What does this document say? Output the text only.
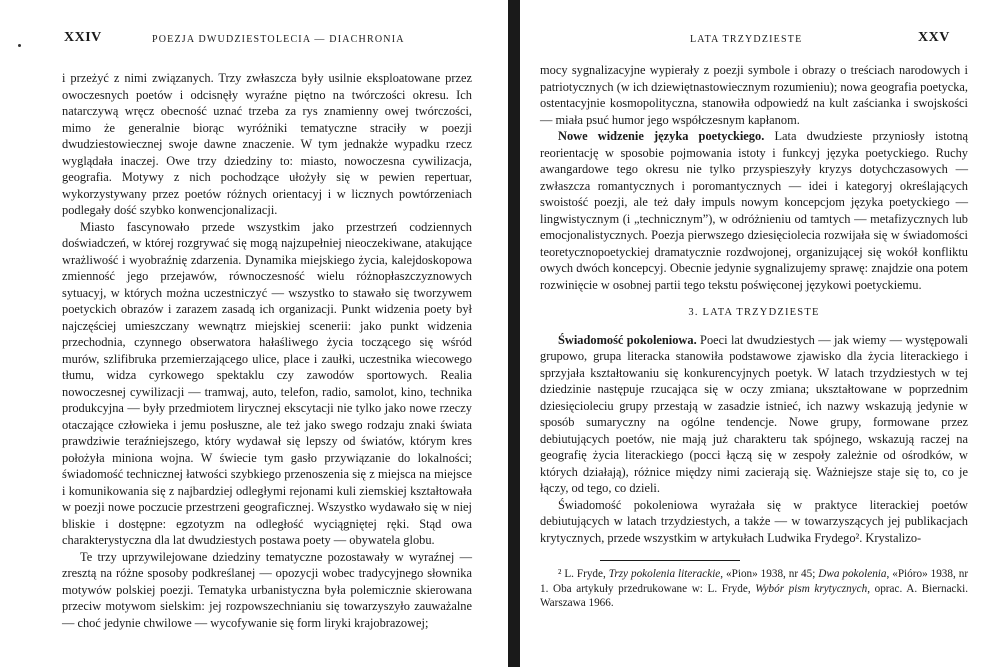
XXIV	POEZJA DWUDZIESTOLECIA — DIACHRONIA

i przeżyć z nimi związanych. Trzy zwłaszcza były usilnie eksploatowane przez owoczesnych poetów i odcisnęły wyraźne piętno na twórczości okresu. Ich natarczywą wręcz obecność uznać trzeba za rys znamienny owej twórczości, mimo że generalnie biorąc wyróżniki tematyczne straciły w poezji dwudziestowiecznej swoje dawne znaczenie. W tym jednakże wypadku rzecz wyglądała inaczej. Owe trzy dziedziny to: miasto, nowoczesna cywilizacja, geografia. Motywy z nich pochodzące ułożyły się w pewien repertuar, wykorzystywany przez poetów różnych orientacyj i w licznych powtórzeniach podlegały dość szybko konwencjonalizacji.

Miasto fascynowało przede wszystkim jako przestrzeń codziennych doświadczeń, w której rozgrywać się mogą najzupełniej nieoczekiwane, atakujące wrażliwość i wyobraźnię zdarzenia. Dynamika miejskiego życia, kalejdoskopowa zmienność jego przejawów, równoczesność wielu różnopłaszczyznowych sytuacyj, w których można uczestniczyć — wszystko to stawało się tworzywem poetyckich obrazów i zarazem zasadą ich organizacji. Punkt widzenia poety był najczęściej umieszczany wewnątrz miejskiej scenerii: jako punkt widzenia przechodnia, czynnego obserwatora hałaśliwego życia toczącego się wśród murów, szlifibruka przemierzającego ulice, place i zaułki, uczestnika wiecowego tłumu, widza cyrkowego spektaklu czy zawodów sportowych. Realia nowoczesnej cywilizacji — tramwaj, auto, telefon, radio, samolot, kino, technika produkcyjna — były przedmiotem lirycznej ekscytacji nie tylko jako nowe rzeczy otaczające człowieka i jemu posłuszne, ale też jako swego rodzaju znaki świata prawdziwie teraźniejszego, który wydawał się lepszy od światów, którym kres położyła miniona wojna. W świecie tym gasło przywiązanie do lokalności; świadomość technicznej łatwości szybkiego przenoszenia się z miejsca na miejsce i komunikowania się z najbardziej odległymi rejonami kuli ziemskiej kształtowała w poezji nowe poczucie przestrzeni geograficznej. Wszystko wydawało się w niej bliskie i dostępne: egzotyzm na odległość wyciągniętej ręki. Stąd owa charakterystyczna dla lat dwudziestych postawa poety — obywatela globu.

Te trzy uprzywilejowane dziedziny tematyczne pozostawały w wyraźnej — zresztą na różne sposoby podkreślanej — opozycji wobec tradycyjnego słownika motywów polskiej poezji. Tematyka urbanistyczna była polemicznie skierowana przeciw motywom sielskim: jej rozpowszechnianiu się towarzyszyło zauważalne — choć jedynie chwilowe — wycofywanie się form liryki krajobrazowej;

LATA TRZYDZIESTE	XXV

mocy sygnalizacyjne wypierały z poezji symbole i obrazy o treściach narodowych i patriotycznych (w ich dziewiętnastowiecznym rozumieniu); nowa geografia poetycka, ostentacyjnie kosmopolityczna, stanowiła odpowiedź na kult zaścianka i swojskości — miała psuć humor jego współczesnym kapłanom.

Nowe widzenie języka poetyckiego. Lata dwudzieste przyniosły istotną reorientację w sposobie pojmowania istoty i funkcyj języka poetyckiego. Ruchy awangardowe tego okresu nie tylko przyspieszyły kryzys dotychczasowych — zwłaszcza romantycznych i poromantycznych — idei i kategoryj określających swoistość poezji, ale też dały impuls nowym koncepcjom języka poetyckiego — lingwistycznym (i „technicznym”), w odróżnieniu od tamtych — metafizycznych lub emocjonalistycznych. Poezja pierwszego dziesięciolecia rozwijała się w świadomości teoretycznopoetyckiej dramatycznie rozdwojonej, organizującej się wokół konfliktu owych dwóch koncepcyj. Obecnie jedynie sygnalizujemy sprawę: znajdzie ona potem rozwinięcie w osobnej partii tego tekstu poświęconej językowi poetyckiemu.

3. LATA TRZYDZIESTE

Świadomość pokoleniowa. Poeci lat dwudziestych — jak wiemy — występowali grupowo, grupa literacka stanowiła podstawowe zjawisko dla życia literackiego i sprzyjała kształtowaniu się konkurencyjnych poetyk. W latach trzydziestych w tej dziedzinie następuje rzucająca się w oczy zmiana; ukształtowane w poprzednim dziesięcioleciu grupy przestają w zasadzie istnieć, ich nazwy wskazują jedynie w sposób sumaryczny na ogólne tendencje. Nowe grupy, formowane przez debiutujących poetów, nie mają już charakteru tak spójnego, wskazują raczej na geografię życia literackiego (pocci łączą się w zespoły zależnie od ośrodków, w których działają), różnice między nimi zacierają się. Ważniejsze staje się to, co je łączy, od tego, co dzieli.

Świadomość pokoleniowa wyrażała się w praktyce literackiej poetów debiutujących w latach trzydziestych, a także — w towarzyszących jej publikacjach krytycznych, przede wszystkim w artykułach Ludwika Frydego². Krystalizo-

² L. Fryde, Trzy pokolenia literackie, «Pion» 1938, nr 45; Dwa pokolenia, «Pióro» 1938, nr 1. Oba artykuły przedrukowane w: L. Fryde, Wybór pism krytycznych, oprac. A. Biernacki. Warszawa 1966.
